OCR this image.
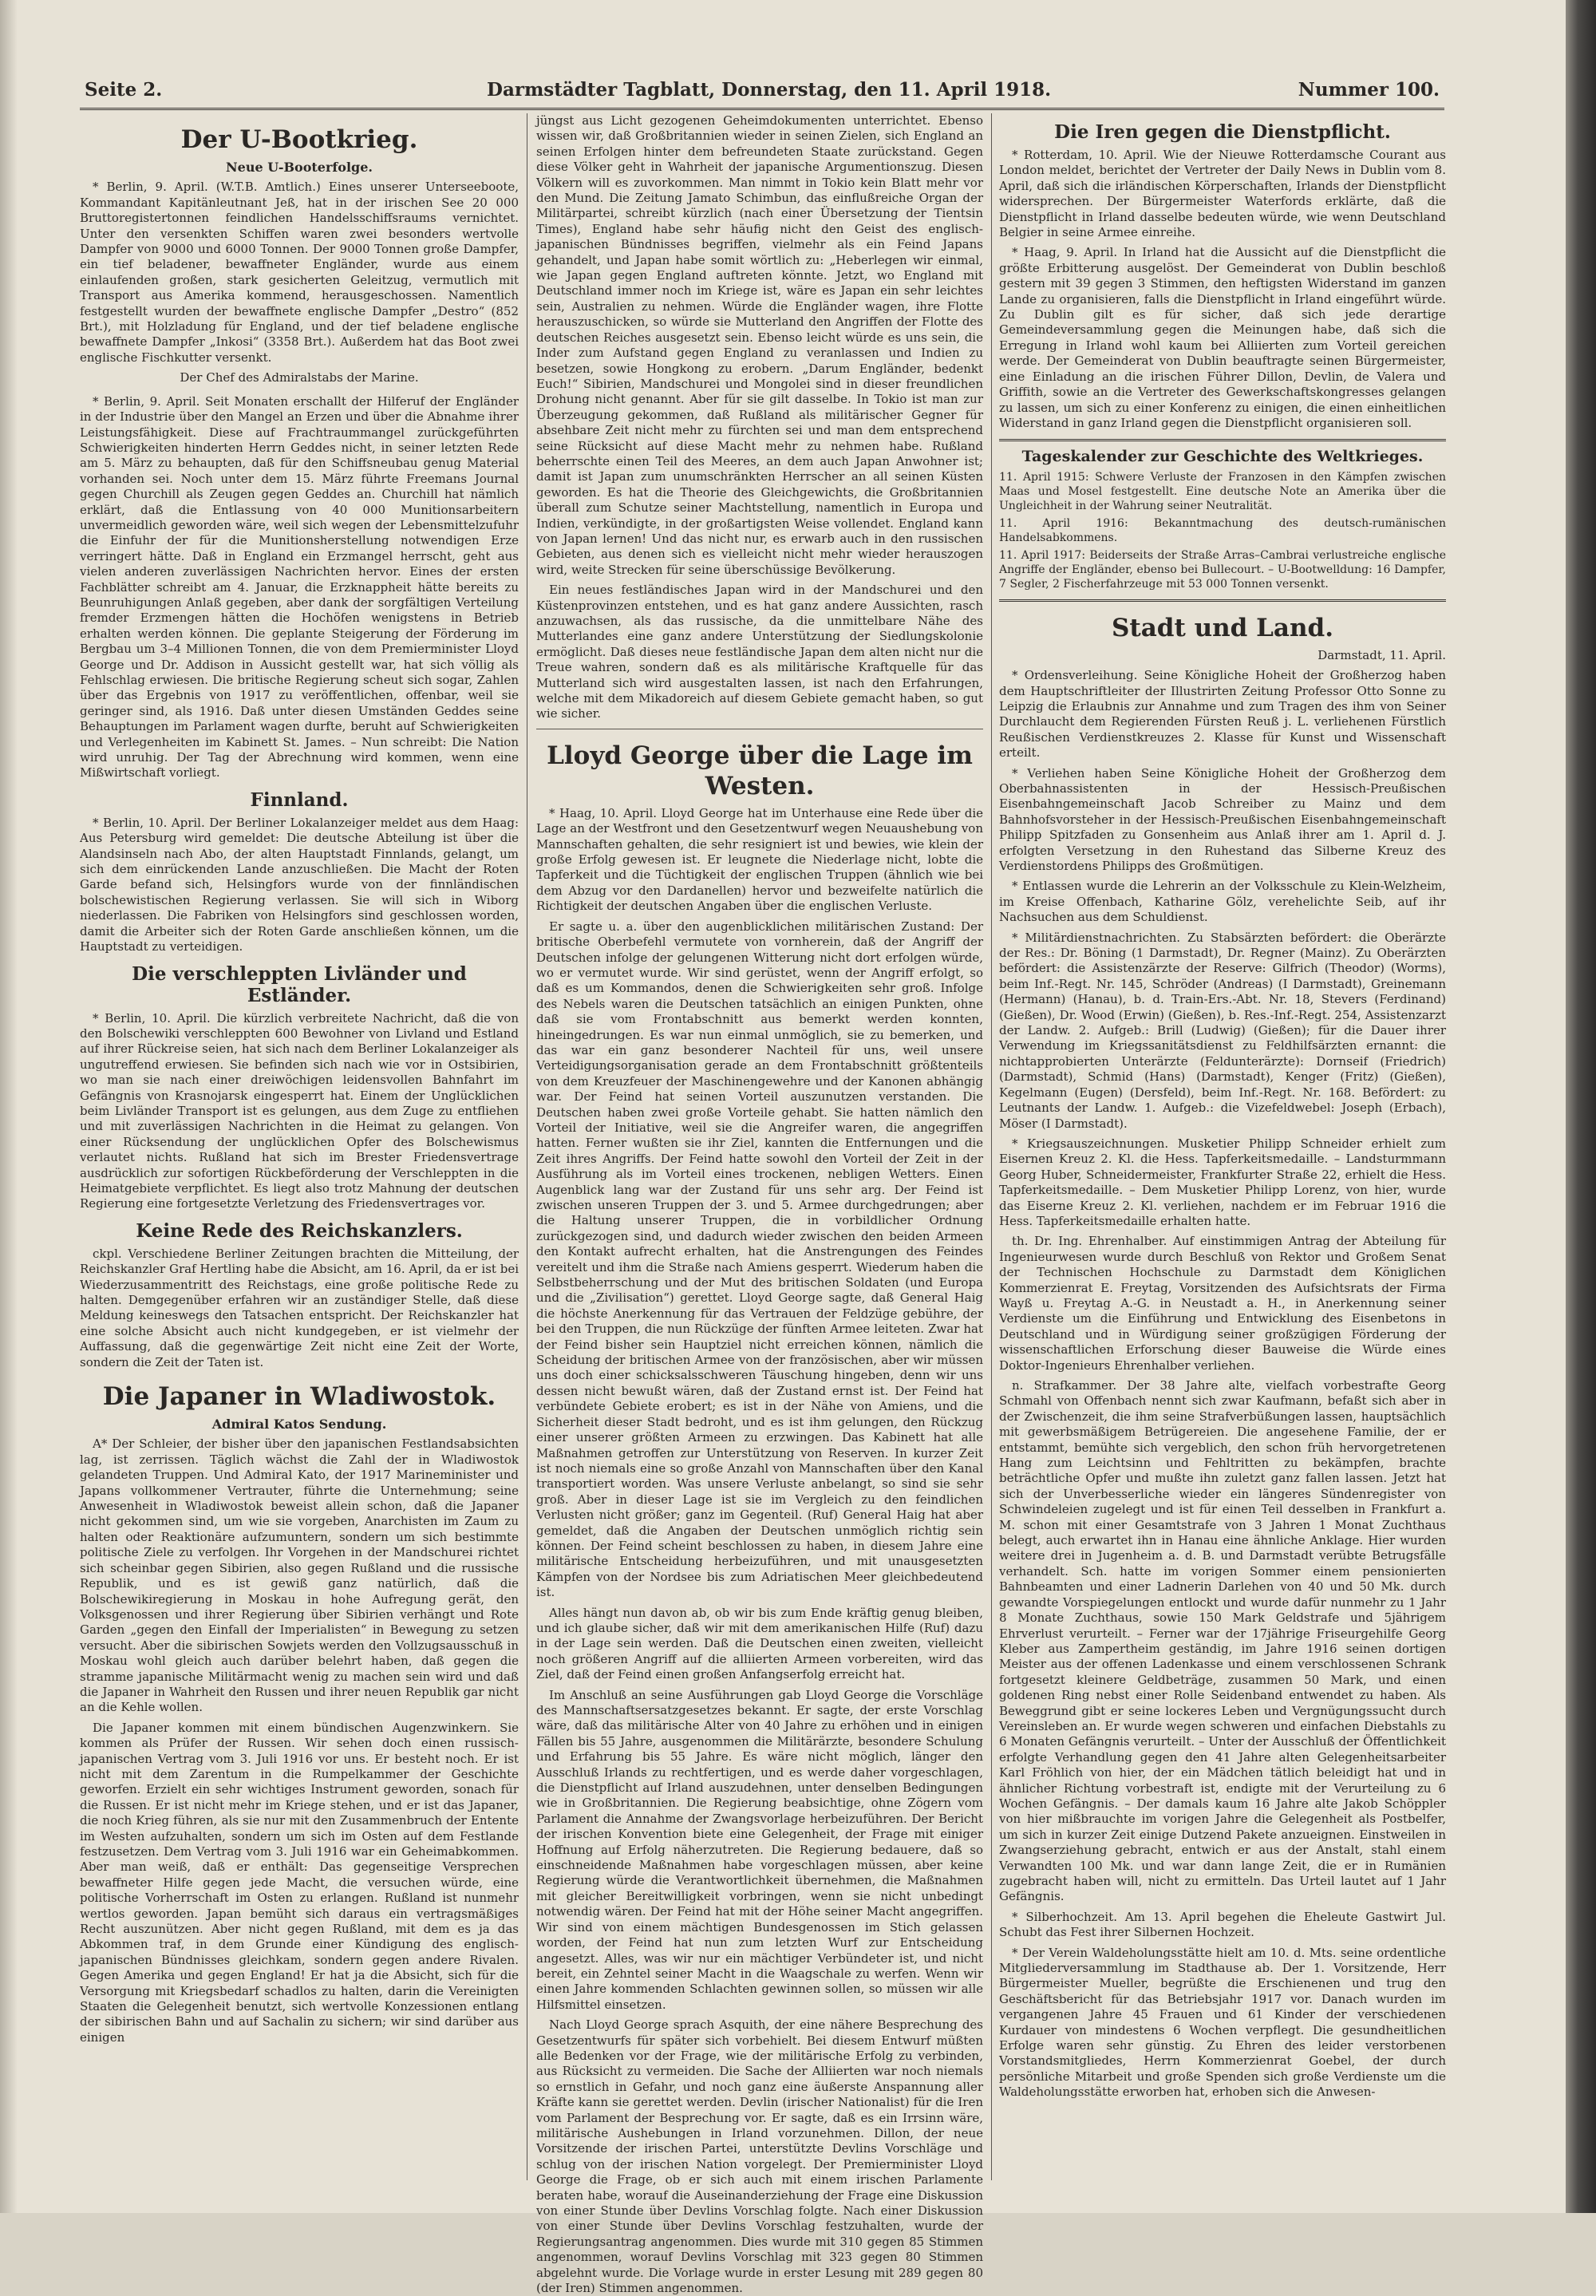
Seite 2.	Darmstädter Tagblatt, Donnerstag, den 11. April 1918.	Nummer 100.
Der U-Bootkrieg.
Neue U-Booterfolge.

* Berlin, 9. April. (W.T.B. Amtlich.) Eines unserer Unterseeboote, Kommandant Kapitänleutnant Jeß, hat in der irischen See 20 000 Bruttoregistertonnen feindlichen Handelsschiffsraums vernichtet. Unter den versenkten Schiffen waren zwei besonders wertvolle Dampfer von 9000 und 6000 Tonnen. Der 9000 Tonnen große Dampfer, ein tief beladener, bewaffneter Engländer, wurde aus einem einlaufenden großen, stark gesicherten Geleitzug, vermutlich mit Transport aus Amerika kommend, herausgeschossen. Namentlich festgestellt wurden der bewaffnete englische Dampfer „Destro“ (852 Brt.), mit Holzladung für England, und der tief beladene englische bewaffnete Dampfer „Inkosi“ (3358 Brt.). Außerdem hat das Boot zwei englische Fischkutter versenkt.

Der Chef des Admiralstabs der Marine.

* Berlin, 9. April. Seit Monaten erschallt der Hilferuf der Engländer in der Industrie über den Mangel an Erzen und über die Abnahme ihrer Leistungsfähigkeit. Diese auf Frachtraummangel zurückgeführten Schwierigkeiten hinderten Herrn Geddes nicht, in seiner letzten Rede am 5. März zu behaupten, daß für den Schiffsneubau genug Material vorhanden sei. Noch unter dem 15. März führte Freemans Journal gegen Churchill als Zeugen gegen Geddes an. Churchill hat nämlich erklärt, daß die Entlassung von 40 000 Munitionsarbeitern unvermeidlich geworden wäre, weil sich wegen der Lebensmittelzufuhr die Einfuhr der für die Munitionsherstellung notwendigen Erze verringert hätte. Daß in England ein Erzmangel herrscht, geht aus vielen anderen zuverlässigen Nachrichten hervor. Eines der ersten Fachblätter schreibt am 4. Januar, die Erzknappheit hätte bereits zu Beunruhigungen Anlaß gegeben, aber dank der sorgfältigen Verteilung fremder Erzmengen hätten die Hochöfen wenigstens in Betrieb erhalten werden können. Die geplante Steigerung der Förderung im Bergbau um 3–4 Millionen Tonnen, die von dem Premierminister Lloyd George und Dr. Addison in Aussicht gestellt war, hat sich völlig als Fehlschlag erwiesen. Die britische Regierung scheut sich sogar, Zahlen über das Ergebnis von 1917 zu veröffentlichen, offenbar, weil sie geringer sind, als 1916. Daß unter diesen Umständen Geddes seine Behauptungen im Parlament wagen durfte, beruht auf Schwierigkeiten und Verlegenheiten im Kabinett St. James. – Nun schreibt: Die Nation wird unruhig. Der Tag der Abrechnung wird kommen, wenn eine Mißwirtschaft vorliegt.

Finnland.

* Berlin, 10. April. Der Berliner Lokalanzeiger meldet aus dem Haag: Aus Petersburg wird gemeldet: Die deutsche Abteilung ist über die Alandsinseln nach Abo, der alten Hauptstadt Finnlands, gelangt, um sich dem einrückenden Lande anzuschließen. Die Macht der Roten Garde befand sich, Helsingfors wurde von der finnländischen bolschewistischen Regierung verlassen. Sie will sich in Wiborg niederlassen. Die Fabriken von Helsingfors sind geschlossen worden, damit die Arbeiter sich der Roten Garde anschließen können, um die Hauptstadt zu verteidigen.

Die verschleppten Livländer und Estländer.

* Berlin, 10. April. Die kürzlich verbreitete Nachricht, daß die von den Bolschewiki verschleppten 600 Bewohner von Livland und Estland auf ihrer Rückreise seien, hat sich nach dem Berliner Lokalanzeiger als ungutreffend erwiesen. Sie befinden sich nach wie vor in Ostsibirien, wo man sie nach einer dreiwöchigen leidensvollen Bahnfahrt im Gefängnis von Krasnojarsk eingesperrt hat. Einem der Unglücklichen beim Livländer Transport ist es gelungen, aus dem Zuge zu entfliehen und mit zuverlässigen Nachrichten in die Heimat zu gelangen. Von einer Rücksendung der unglücklichen Opfer des Bolschewismus verlautet nichts. Rußland hat sich im Brester Friedensvertrage ausdrücklich zur sofortigen Rückbeförderung der Verschleppten in die Heimatgebiete verpflichtet. Es liegt also trotz Mahnung der deutschen Regierung eine fortgesetzte Verletzung des Friedensvertrages vor.

Keine Rede des Reichskanzlers.

ckpl. Verschiedene Berliner Zeitungen brachten die Mitteilung, der Reichskanzler Graf Hertling habe die Absicht, am 16. April, da er ist bei Wiederzusammentritt des Reichstags, eine große politische Rede zu halten. Demgegenüber erfahren wir an zuständiger Stelle, daß diese Meldung keineswegs den Tatsachen entspricht. Der Reichskanzler hat eine solche Absicht auch nicht kundgegeben, er ist vielmehr der Auffassung, daß die gegenwärtige Zeit nicht eine Zeit der Worte, sondern die Zeit der Taten ist.

Die Japaner in Wladiwostok.
Admiral Katos Sendung.

A* Der Schleier, der bisher über den japanischen Festlandsabsichten lag, ist zerrissen. Täglich wächst die Zahl der in Wladiwostok gelandeten Truppen. Und Admiral Kato, der 1917 Marineminister und Japans vollkommener Vertrauter, führte die Unternehmung; seine Anwesenheit in Wladiwostok beweist allein schon, daß die Japaner nicht gekommen sind, um wie sie vorgeben, Anarchisten im Zaum zu halten oder Reaktionäre aufzumuntern, sondern um sich bestimmte politische Ziele zu verfolgen. Ihr Vorgehen in der Mandschurei richtet sich scheinbar gegen Sibirien, also gegen Rußland und die russische Republik, und es ist gewiß ganz natürlich, daß die Bolschewikiregierung in Moskau in hohe Aufregung gerät, den Volksgenossen und ihrer Regierung über Sibirien verhängt und Rote Garden „gegen den Einfall der Imperialisten“ in Bewegung zu setzen versucht. Aber die sibirischen Sowjets werden den Vollzugsausschuß in Moskau wohl gleich auch darüber belehrt haben, daß gegen die stramme japanische Militärmacht wenig zu machen sein wird und daß die Japaner in Wahrheit den Russen und ihrer neuen Republik gar nicht an die Kehle wollen.

Die Japaner kommen mit einem bündischen Augenzwinkern. Sie kommen als Prüfer der Russen. Wir sehen doch einen russisch-japanischen Vertrag vom 3. Juli 1916 vor uns. Er besteht noch. Er ist nicht mit dem Zarentum in die Rumpelkammer der Geschichte geworfen. Erzielt ein sehr wichtiges Instrument geworden, sonach für die Russen. Er ist nicht mehr im Kriege stehen, und er ist das Japaner, die noch Krieg führen, als sie nur mit den Zusammenbruch der Entente im Westen aufzuhalten, sondern um sich im Osten auf dem Festlande festzusetzen. Dem Vertrag vom 3. Juli 1916 war ein Geheimabkommen. Aber man weiß, daß er enthält: Das gegenseitige Versprechen bewaffneter Hilfe gegen jede Macht, die versuchen würde, eine politische Vorherrschaft im Osten zu erlangen. Rußland ist nunmehr wertlos geworden. Japan bemüht sich daraus ein vertragsmäßiges Recht auszunützen. Aber nicht gegen Rußland, mit dem es ja das Abkommen traf, in dem Grunde einer Kündigung des englisch-japanischen Bündnisses gleichkam, sondern gegen andere Rivalen. Gegen Amerika und gegen England! Er hat ja die Absicht, sich für die Versorgung mit Kriegsbedarf schadlos zu halten, darin die Vereinigten Staaten die Gelegenheit benutzt, sich wertvolle Konzessionen entlang der sibirischen Bahn und auf Sachalin zu sichern; wir sind darüber aus einigen

jüngst aus Licht gezogenen Geheimdokumenten unterrichtet. Ebenso wissen wir, daß Großbritannien wieder in seinen Zielen, sich England an seinen Erfolgen hinter dem befreundeten Staate zurückstand. Gegen diese Völker geht in Wahrheit der japanische Argumentionszug. Diesen Völkern will es zuvorkommen. Man nimmt in Tokio kein Blatt mehr vor den Mund. Die Zeitung Jamato Schimbun, das einflußreiche Organ der Militärpartei, schreibt kürzlich (nach einer Übersetzung der Tientsin Times), England habe sehr häufig nicht den Geist des englisch-japanischen Bündnisses begriffen, vielmehr als ein Feind Japans gehandelt, und Japan habe somit wörtlich zu: „Heberlegen wir einmal, wie Japan gegen England auftreten könnte. Jetzt, wo England mit Deutschland immer noch im Kriege ist, wäre es Japan ein sehr leichtes sein, Australien zu nehmen. Würde die Engländer wagen, ihre Flotte herauszuschicken, so würde sie Mutterland den Angriffen der Flotte des deutschen Reiches ausgesetzt sein. Ebenso leicht würde es uns sein, die Inder zum Aufstand gegen England zu veranlassen und Indien zu besetzen, sowie Hongkong zu erobern. „Darum Engländer, bedenkt Euch!“ Sibirien, Mandschurei und Mongolei sind in dieser freundlichen Drohung nicht genannt. Aber für sie gilt dasselbe. In Tokio ist man zur Überzeugung gekommen, daß Rußland als militärischer Gegner für absehbare Zeit nicht mehr zu fürchten sei und man dem entsprechend seine Rücksicht auf diese Macht mehr zu nehmen habe. Rußland beherrschte einen Teil des Meeres, an dem auch Japan Anwohner ist; damit ist Japan zum unumschränkten Herrscher an all seinen Küsten geworden. Es hat die Theorie des Gleichgewichts, die Großbritannien überall zum Schutze seiner Machtstellung, namentlich in Europa und Indien, verkündigte, in der großartigsten Weise vollendet. England kann von Japan lernen! Und das nicht nur, es erwarb auch in den russischen Gebieten, aus denen sich es vielleicht nicht mehr wieder herauszogen wird, weite Strecken für seine überschüssige Bevölkerung.

Ein neues festländisches Japan wird in der Mandschurei und den Küstenprovinzen entstehen, und es hat ganz andere Aussichten, rasch anzuwachsen, als das russische, da die unmittelbare Nähe des Mutterlandes eine ganz andere Unterstützung der Siedlungskolonie ermöglicht. Daß dieses neue festländische Japan dem alten nicht nur die Treue wahren, sondern daß es als militärische Kraftquelle für das Mutterland sich wird ausgestalten lassen, ist nach den Erfahrungen, welche mit dem Mikadoreich auf diesem Gebiete gemacht haben, so gut wie sicher.

Lloyd George über die Lage im Westen.

* Haag, 10. April. Lloyd George hat im Unterhause eine Rede über die Lage an der Westfront und den Gesetzentwurf wegen Neuaushebung von Mannschaften gehalten, die sehr resigniert ist und bewies, wie klein der große Erfolg gewesen ist. Er leugnete die Niederlage nicht, lobte die Tapferkeit und die Tüchtigkeit der englischen Truppen (ähnlich wie bei dem Abzug vor den Dardanellen) hervor und bezweifelte natürlich die Richtigkeit der deutschen Angaben über die englischen Verluste.

Er sagte u. a. über den augenblicklichen militärischen Zustand: Der britische Oberbefehl vermutete von vornherein, daß der Angriff der Deutschen infolge der gelungenen Witterung nicht dort erfolgen würde, wo er vermutet wurde. Wir sind gerüstet, wenn der Angriff erfolgt, so daß es um Kommandos, denen die Schwierigkeiten sehr groß. Infolge des Nebels waren die Deutschen tatsächlich an einigen Punkten, ohne daß sie vom Frontabschnitt aus bemerkt werden konnten, hineingedrungen. Es war nun einmal unmöglich, sie zu bemerken, und das war ein ganz besonderer Nachteil für uns, weil unsere Verteidigungsorganisation gerade an dem Frontabschnitt größtenteils von dem Kreuzfeuer der Maschinengewehre und der Kanonen abhängig war. Der Feind hat seinen Vorteil auszunutzen verstanden. Die Deutschen haben zwei große Vorteile gehabt. Sie hatten nämlich den Vorteil der Initiative, weil sie die Angreifer waren, die angegriffen hatten. Ferner wußten sie ihr Ziel, kannten die Entfernungen und die Zeit ihres Angriffs. Der Feind hatte sowohl den Vorteil der Zeit in der Ausführung als im Vorteil eines trockenen, nebligen Wetters. Einen Augenblick lang war der Zustand für uns sehr arg. Der Feind ist zwischen unseren Truppen der 3. und 5. Armee durchgedrungen; aber die Haltung unserer Truppen, die in vorbildlicher Ordnung zurückgezogen sind, und dadurch wieder zwischen den beiden Armeen den Kontakt aufrecht erhalten, hat die Anstrengungen des Feindes vereitelt und ihm die Straße nach Amiens gesperrt. Wiederum haben die Selbstbeherrschung und der Mut des britischen Soldaten (und Europa und die „Zivilisation“) gerettet. Lloyd George sagte, daß General Haig die höchste Anerkennung für das Vertrauen der Feldzüge gebühre, der bei den Truppen, die nun Rückzüge der fünften Armee leiteten. Zwar hat der Feind bisher sein Hauptziel nicht erreichen können, nämlich die Scheidung der britischen Armee von der französischen, aber wir müssen uns doch einer schicksalsschweren Täuschung hingeben, denn wir uns dessen nicht bewußt wären, daß der Zustand ernst ist. Der Feind hat verbündete Gebiete erobert; es ist in der Nähe von Amiens, und die Sicherheit dieser Stadt bedroht, und es ist ihm gelungen, den Rückzug einer unserer größten Armeen zu erzwingen. Das Kabinett hat alle Maßnahmen getroffen zur Unterstützung von Reserven. In kurzer Zeit ist noch niemals eine so große Anzahl von Mannschaften über den Kanal transportiert worden. Was unsere Verluste anbelangt, so sind sie sehr groß. Aber in dieser Lage ist sie im Vergleich zu den feindlichen Verlusten nicht größer; ganz im Gegenteil. (Ruf) General Haig hat aber gemeldet, daß die Angaben der Deutschen unmöglich richtig sein können. Der Feind scheint beschlossen zu haben, in diesem Jahre eine militärische Entscheidung herbeizuführen, und mit unausgesetzten Kämpfen von der Nordsee bis zum Adriatischen Meer gleichbedeutend ist.

Alles hängt nun davon ab, ob wir bis zum Ende kräftig genug bleiben, und ich glaube sicher, daß wir mit dem amerikanischen Hilfe (Ruf) dazu in der Lage sein werden. Daß die Deutschen einen zweiten, vielleicht noch größeren Angriff auf die alliierten Armeen vorbereiten, wird das Ziel, daß der Feind einen großen Anfangserfolg erreicht hat.

Im Anschluß an seine Ausführungen gab Lloyd George die Vorschläge des Mannschaftsersatzgesetzes bekannt. Er sagte, der erste Vorschlag wäre, daß das militärische Alter von 40 Jahre zu erhöhen und in einigen Fällen bis 55 Jahre, ausgenommen die Militärärzte, besondere Schulung und Erfahrung bis 55 Jahre. Es wäre nicht möglich, länger den Ausschluß Irlands zu rechtfertigen, und es werde daher vorgeschlagen, die Dienstpflicht auf Irland auszudehnen, unter denselben Bedingungen wie in Großbritannien. Die Regierung beabsichtige, ohne Zögern vom Parlament die Annahme der Zwangsvorlage herbeizuführen. Der Bericht der irischen Konvention biete eine Gelegenheit, der Frage mit einiger Hoffnung auf Erfolg näherzutreten. Die Regierung bedauere, daß so einschneidende Maßnahmen habe vorgeschlagen müssen, aber keine Regierung würde die Verantwortlichkeit übernehmen, die Maßnahmen mit gleicher Bereitwilligkeit vorbringen, wenn sie nicht unbedingt notwendig wären. Der Feind hat mit der Höhe seiner Macht angegriffen. Wir sind von einem mächtigen Bundesgenossen im Stich gelassen worden, der Feind hat nun zum letzten Wurf zur Entscheidung angesetzt. Alles, was wir nur ein mächtiger Verbündeter ist, und nicht bereit, ein Zehntel seiner Macht in die Waagschale zu werfen. Wenn wir einen Jahre kommenden Schlachten gewinnen sollen, so müssen wir alle Hilfsmittel einsetzen.

Nach Lloyd George sprach Asquith, der eine nähere Besprechung des Gesetzentwurfs für später sich vorbehielt. Bei diesem Entwurf müßten alle Bedenken vor der Frage, wie der militärische Erfolg zu verbinden, aus Rücksicht zu vermeiden. Die Sache der Alliierten war noch niemals so ernstlich in Gefahr, und noch ganz eine äußerste Anspannung aller Kräfte kann sie gerettet werden. Devlin (irischer Nationalist) für die Iren vom Parlament der Besprechung vor. Er sagte, daß es ein Irrsinn wäre, militärische Aushebungen in Irland vorzunehmen. Dillon, der neue Vorsitzende der irischen Partei, unterstützte Devlins Vorschläge und schlug von der irischen Nation vorgelegt. Der Premierminister Lloyd George die Frage, ob er sich auch mit einem irischen Parlamente beraten habe, worauf die Auseinanderziehung der Frage eine Diskussion von einer Stunde über Devlins Vorschlag folgte. Nach einer Diskussion von einer Stunde über Devlins Vorschlag festzuhalten, wurde der Regierungsantrag angenommen. Dies wurde mit 310 gegen 85 Stimmen angenommen, worauf Devlins Vorschlag mit 323 gegen 80 Stimmen abgelehnt wurde. Die Vorlage wurde in erster Lesung mit 289 gegen 80 (der Iren) Stimmen angenommen.

Die Iren gegen die Dienstpflicht.

* Rotterdam, 10. April. Wie der Nieuwe Rotterdamsche Courant aus London meldet, berichtet der Vertreter der Daily News in Dublin vom 8. April, daß sich die irländischen Körperschaften, Irlands der Dienstpflicht widersprechen. Der Bürgermeister Waterfords erklärte, daß die Dienstpflicht in Irland dasselbe bedeuten würde, wie wenn Deutschland Belgier in seine Armee einreihe.

* Haag, 9. April. In Irland hat die Aussicht auf die Dienstpflicht die größte Erbitterung ausgelöst. Der Gemeinderat von Dublin beschloß gestern mit 39 gegen 3 Stimmen, den heftigsten Widerstand im ganzen Lande zu organisieren, falls die Dienstpflicht in Irland eingeführt würde. Zu Dublin gilt es für sicher, daß sich jede derartige Gemeindeversammlung gegen die Meinungen habe, daß sich die Erregung in Irland wohl kaum bei Alliierten zum Vorteil gereichen werde. Der Gemeinderat von Dublin beauftragte seinen Bürgermeister, eine Einladung an die irischen Führer Dillon, Devlin, de Valera und Griffith, sowie an die Vertreter des Gewerkschaftskongresses gelangen zu lassen, um sich zu einer Konferenz zu einigen, die einen einheitlichen Widerstand in ganz Irland gegen die Dienstpflicht organisieren soll.

Tageskalender zur Geschichte des Weltkrieges.

11. April 1915: Schwere Verluste der Franzosen in den Kämpfen zwischen Maas und Mosel festgestellt. Eine deutsche Note an Amerika über die Ungleichheit in der Wahrung seiner Neutralität.

11. April 1916: Bekanntmachung des deutsch-rumänischen Handelsabkommens.

11. April 1917: Beiderseits der Straße Arras–Cambrai verlustreiche englische Angriffe der Engländer, ebenso bei Bullecourt. – U-Bootwelldung: 16 Dampfer, 7 Segler, 2 Fischerfahrzeuge mit 53 000 Tonnen versenkt.

Stadt und Land.
Darmstadt, 11. April.

* Ordensverleihung. Seine Königliche Hoheit der Großherzog haben dem Hauptschriftleiter der Illustrirten Zeitung Professor Otto Sonne zu Leipzig die Erlaubnis zur Annahme und zum Tragen des ihm von Seiner Durchlaucht dem Regierenden Fürsten Reuß j. L. verliehenen Fürstlich Reußischen Verdienstkreuzes 2. Klasse für Kunst und Wissenschaft erteilt.

* Verliehen haben Seine Königliche Hoheit der Großherzog dem Oberbahnassistenten in der Hessisch-Preußischen Eisenbahngemeinschaft Jacob Schreiber zu Mainz und dem Bahnhofsvorsteher in der Hessisch-Preußischen Eisenbahngemeinschaft Philipp Spitzfaden zu Gonsenheim aus Anlaß ihrer am 1. April d. J. erfolgten Versetzung in den Ruhestand das Silberne Kreuz des Verdienstordens Philipps des Großmütigen.

* Entlassen wurde die Lehrerin an der Volksschule zu Klein-Welzheim, im Kreise Offenbach, Katharine Gölz, verehelichte Seib, auf ihr Nachsuchen aus dem Schuldienst.

* Militärdienstnachrichten. Zu Stabsärzten befördert: die Oberärzte der Res.: Dr. Böning (1 Darmstadt), Dr. Regner (Mainz). Zu Oberärzten befördert: die Assistenzärzte der Reserve: Gilfrich (Theodor) (Worms), beim Inf.-Regt. Nr. 145, Schröder (Andreas) (I Darmstadt), Greinemann (Hermann) (Hanau), b. d. Train-Ers.-Abt. Nr. 18, Stevers (Ferdinand) (Gießen), Dr. Wood (Erwin) (Gießen), b. Res.-Inf.-Regt. 254, Assistenzarzt der Landw. 2. Aufgeb.: Brill (Ludwig) (Gießen); für die Dauer ihrer Verwendung im Kriegssanitätsdienst zu Feldhilfsärzten ernannt: die nichtapprobierten Unterärzte (Feldunterärzte): Dornseif (Friedrich) (Darmstadt), Schmid (Hans) (Darmstadt), Kenger (Fritz) (Gießen), Kegelmann (Eugen) (Dersfeld), beim Inf.-Regt. Nr. 168. Befördert: zu Leutnants der Landw. 1. Aufgeb.: die Vizefeldwebel: Joseph (Erbach), Möser (I Darmstadt).

* Kriegsauszeichnungen. Musketier Philipp Schneider erhielt zum Eisernen Kreuz 2. Kl. die Hess. Tapferkeitsmedaille. – Landsturmmann Georg Huber, Schneidermeister, Frankfurter Straße 22, erhielt die Hess. Tapferkeitsmedaille. – Dem Musketier Philipp Lorenz, von hier, wurde das Eiserne Kreuz 2. Kl. verliehen, nachdem er im Februar 1916 die Hess. Tapferkeitsmedaille erhalten hatte.

th. Dr. Ing. Ehrenhalber. Auf einstimmigen Antrag der Abteilung für Ingenieurwesen wurde durch Beschluß von Rektor und Großem Senat der Technischen Hochschule zu Darmstadt dem Königlichen Kommerzienrat E. Freytag, Vorsitzenden des Aufsichtsrats der Firma Wayß u. Freytag A.-G. in Neustadt a. H., in Anerkennung seiner Verdienste um die Einführung und Entwicklung des Eisenbetons in Deutschland und in Würdigung seiner großzügigen Förderung der wissenschaftlichen Erforschung dieser Bauweise die Würde eines Doktor-Ingenieurs Ehrenhalber verliehen.

n. Strafkammer. Der 38 Jahre alte, vielfach vorbestrafte Georg Schmahl von Offenbach nennt sich zwar Kaufmann, befaßt sich aber in der Zwischenzeit, die ihm seine Strafverbüßungen lassen, hauptsächlich mit gewerbsmäßigem Betrügereien. Die angesehene Familie, der er entstammt, bemühte sich vergeblich, den schon früh hervorgetretenen Hang zum Leichtsinn und Fehltritten zu bekämpfen, brachte beträchtliche Opfer und mußte ihn zuletzt ganz fallen lassen. Jetzt hat sich der Unverbesserliche wieder ein längeres Sündenregister von Schwindeleien zugelegt und ist für einen Teil desselben in Frankfurt a. M. schon mit einer Gesamtstrafe von 3 Jahren 1 Monat Zuchthaus belegt, auch erwartet ihn in Hanau eine ähnliche Anklage. Hier wurden weitere drei in Jugenheim a. d. B. und Darmstadt verübte Betrugsfälle verhandelt. Sch. hatte im vorigen Sommer einem pensionierten Bahnbeamten und einer Ladnerin Darlehen von 40 und 50 Mk. durch gewandte Vorspiegelungen entlockt und wurde dafür nunmehr zu 1 Jahr 8 Monate Zuchthaus, sowie 150 Mark Geldstrafe und 5jährigem Ehrverlust verurteilt. – Ferner war der 17jährige Friseurgehilfe Georg Kleber aus Zampertheim geständig, im Jahre 1916 seinen dortigen Meister aus der offenen Ladenkasse und einem verschlossenen Schrank fortgesetzt kleinere Geldbeträge, zusammen 50 Mark, und einen goldenen Ring nebst einer Rolle Seidenband entwendet zu haben. Als Beweggrund gibt er seine lockeres Leben und Vergnügungssucht durch Vereinsleben an. Er wurde wegen schweren und einfachen Diebstahls zu 6 Monaten Gefängnis verurteilt. – Unter der Ausschluß der Öffentlichkeit erfolgte Verhandlung gegen den 41 Jahre alten Gelegenheitsarbeiter Karl Fröhlich von hier, der ein Mädchen tätlich beleidigt hat und in ähnlicher Richtung vorbestraft ist, endigte mit der Verurteilung zu 6 Wochen Gefängnis. – Der damals kaum 16 Jahre alte Jakob Schöppler von hier mißbrauchte im vorigen Jahre die Gelegenheit als Postbelfer, um sich in kurzer Zeit einige Dutzend Pakete anzueignen. Einstweilen in Zwangserziehung gebracht, entwich er aus der Anstalt, stahl einem Verwandten 100 Mk. und war dann lange Zeit, die er in Rumänien zugebracht haben will, nicht zu ermitteln. Das Urteil lautet auf 1 Jahr Gefängnis.

* Silberhochzeit. Am 13. April begehen die Eheleute Gastwirt Jul. Schubt das Fest ihrer Silbernen Hochzeit.

* Der Verein Waldeholungsstätte hielt am 10. d. Mts. seine ordentliche Mitgliederversammlung im Stadthause ab. Der 1. Vorsitzende, Herr Bürgermeister Mueller, begrüßte die Erschienenen und trug den Geschäftsbericht für das Betriebsjahr 1917 vor. Danach wurden im vergangenen Jahre 45 Frauen und 61 Kinder der verschiedenen Kurdauer von mindestens 6 Wochen verpflegt. Die gesundheitlichen Erfolge waren sehr günstig. Zu Ehren des leider verstorbenen Vorstandsmitgliedes, Herrn Kommerzienrat Goebel, der durch persönliche Mitarbeit und große Spenden sich große Verdienste um die Waldeholungsstätte erworben hat, erhoben sich die Anwesen-
